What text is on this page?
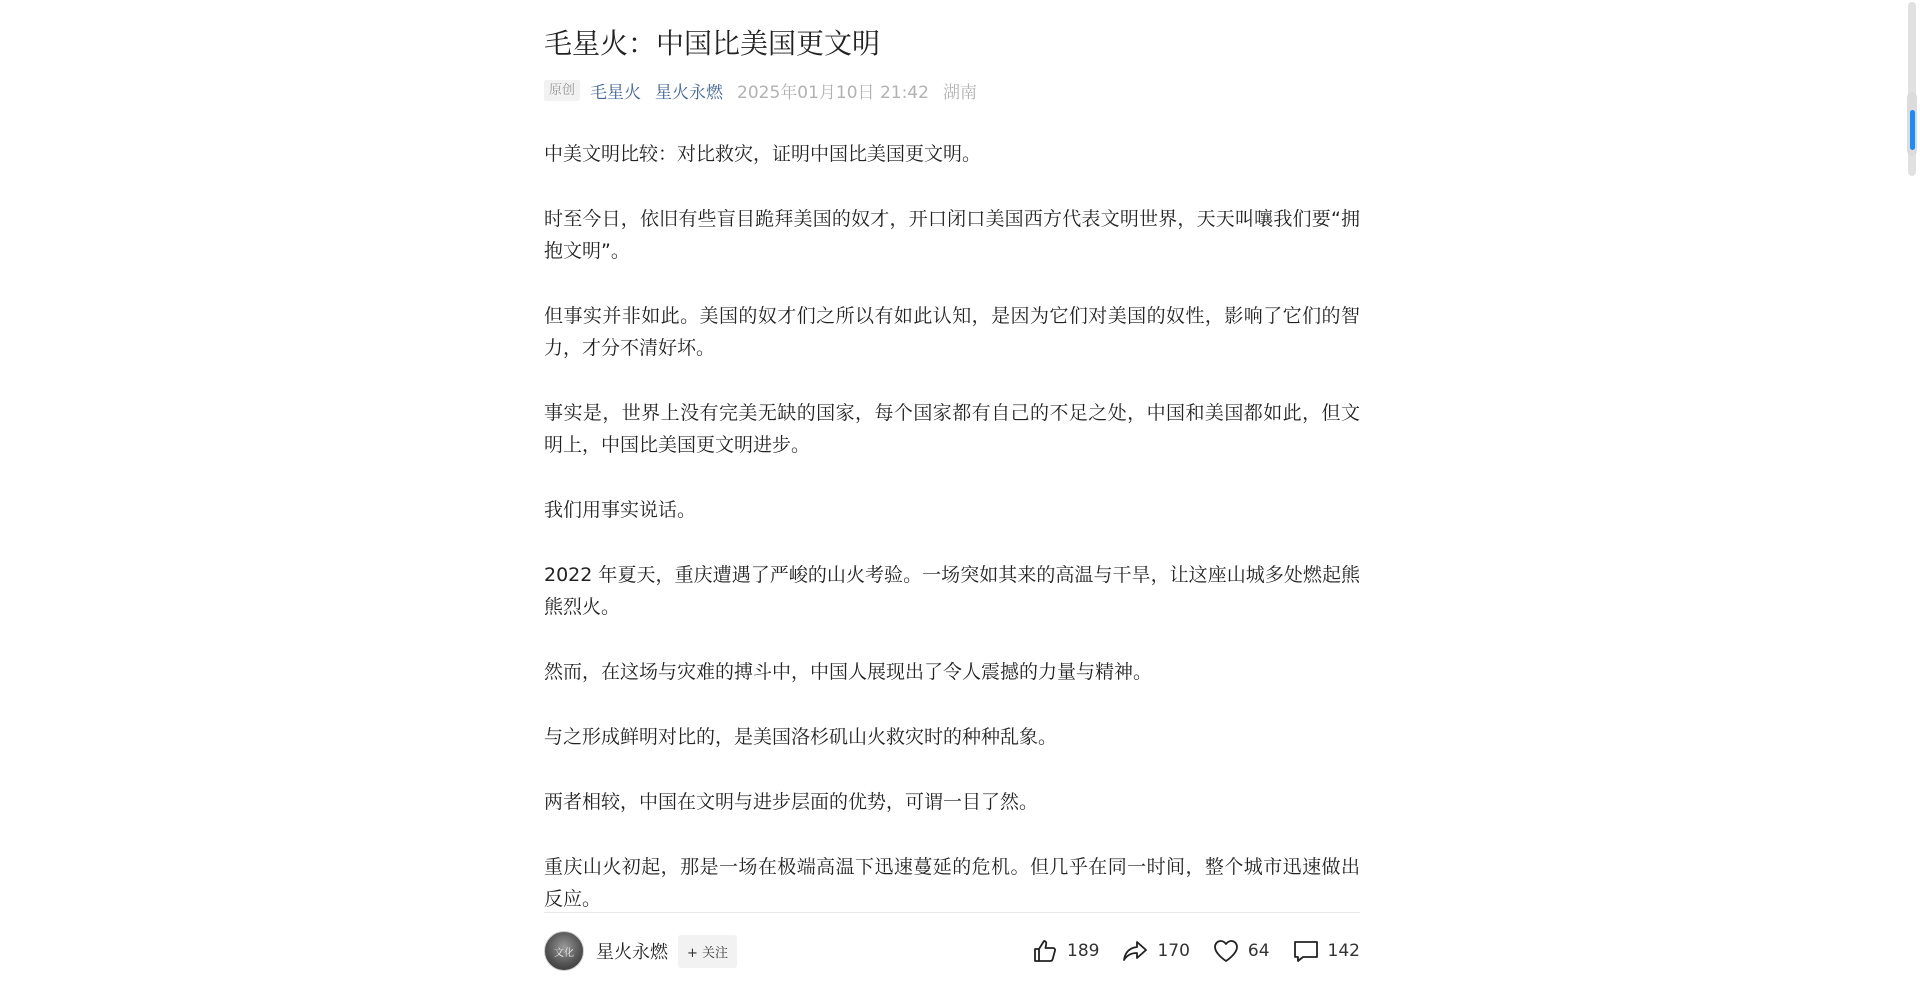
毛星火：中国比美国更文明
原创 毛星火 星火永燃 2025年01月10日 21:42 湖南

中美文明比较：对比救灾，证明中国比美国更文明。

时至今日，依旧有些盲目跪拜美国的奴才，开口闭口美国西方代表文明世界，天天叫嚷我们要“拥抱文明”。

但事实并非如此。美国的奴才们之所以有如此认知，是因为它们对美国的奴性，影响了它们的智力，才分不清好坏。

事实是，世界上没有完美无缺的国家，每个国家都有自己的不足之处，中国和美国都如此，但文明上，中国比美国更文明进步。

我们用事实说话。

2022 年夏天，重庆遭遇了严峻的山火考验。一场突如其来的高温与干旱，让这座山城多处燃起熊熊烈火。

然而，在这场与灾难的搏斗中，中国人展现出了令人震撼的力量与精神。

与之形成鲜明对比的，是美国洛杉矶山火救灾时的种种乱象。

两者相较，中国在文明与进步层面的优势，可谓一目了然。

重庆山火初起，那是一场在极端高温下迅速蔓延的危机。但几乎在同一时间，整个城市迅速做出反应。

文化 星火永燃	+ 关注	189	170	64	142
